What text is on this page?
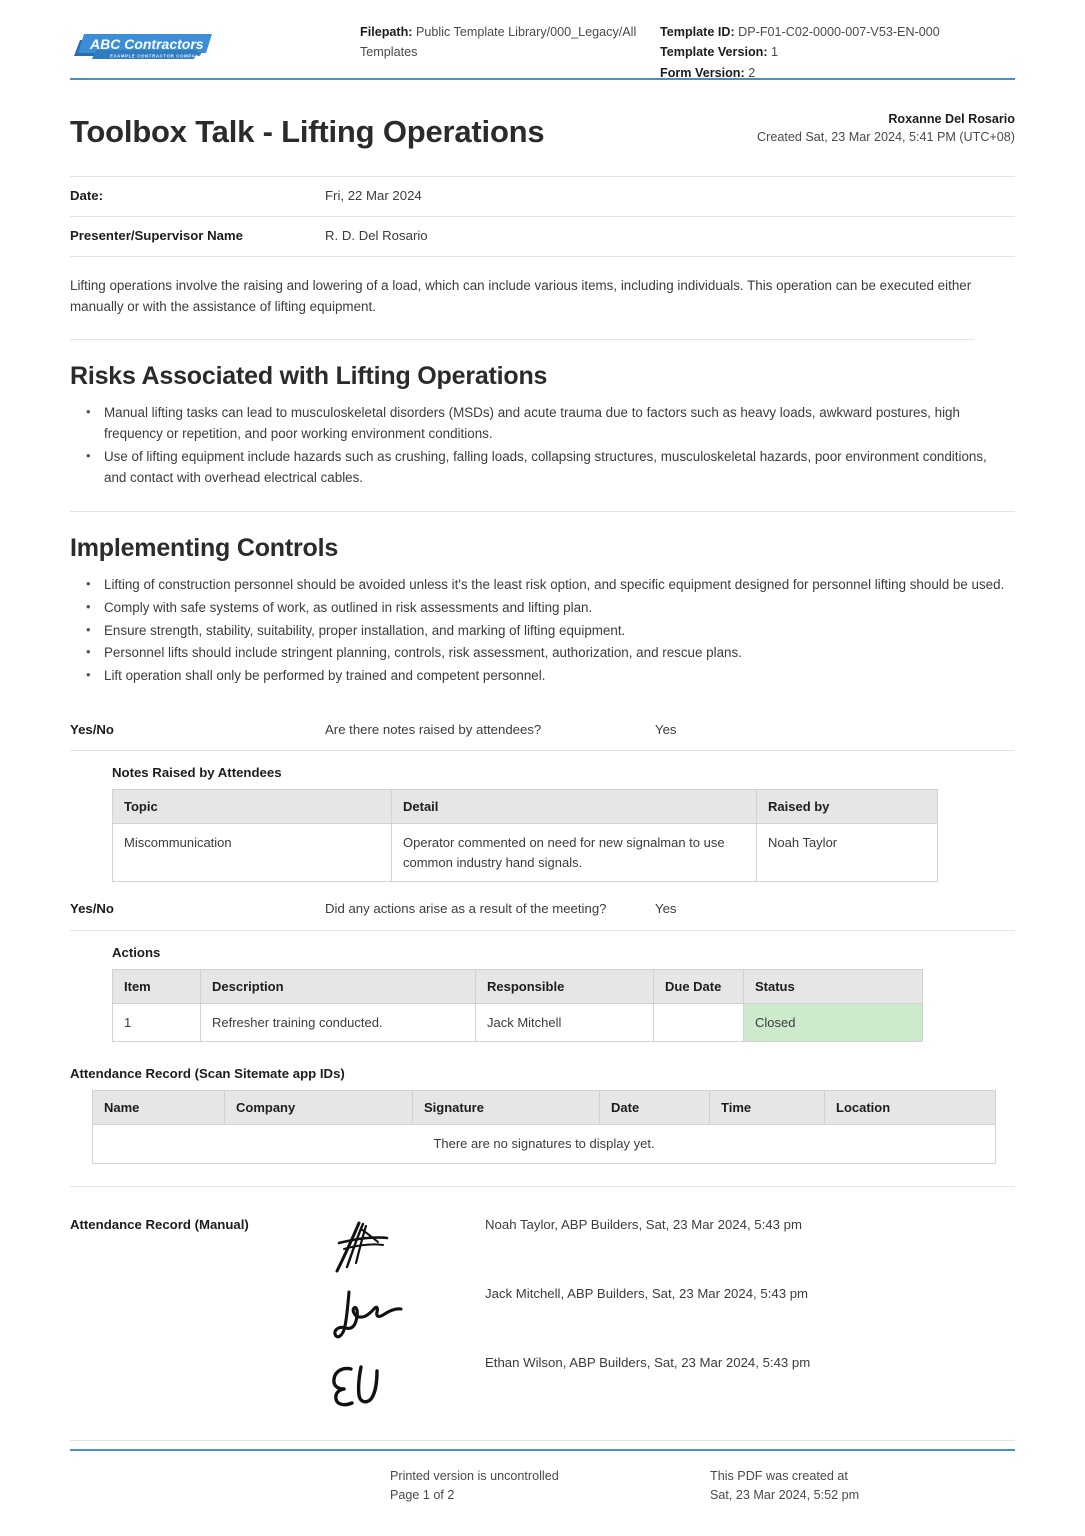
ABC Contractors
EXAMPLE CONTRACTOR COMPANY
Filepath: Public Template Library/000_Legacy/All Templates
Template ID: DP-F01-C02-0000-007-V53-EN-000
Template Version: 1
Form Version: 2
Toolbox Talk - Lifting Operations	Roxanne Del Rosario
Created Sat, 23 Mar 2024, 5:41 PM (UTC+08)
Date:	Fri, 22 Mar 2024
Presenter/Supervisor Name	R. D. Del Rosario
Lifting operations involve the raising and lowering of a load, which can include various items, including individuals. This operation can be executed either manually or with the assistance of lifting equipment.
Risks Associated with Lifting Operations
• Manual lifting tasks can lead to musculoskeletal disorders (MSDs) and acute trauma due to factors such as heavy loads, awkward postures, high frequency or repetition, and poor working environment conditions.
• Use of lifting equipment include hazards such as crushing, falling loads, collapsing structures, musculoskeletal hazards, poor environment conditions, and contact with overhead electrical cables.
Implementing Controls
• Lifting of construction personnel should be avoided unless it's the least risk option, and specific equipment designed for personnel lifting should be used.
• Comply with safe systems of work, as outlined in risk assessments and lifting plan.
• Ensure strength, stability, suitability, proper installation, and marking of lifting equipment.
• Personnel lifts should include stringent planning, controls, risk assessment, authorization, and rescue plans.
• Lift operation shall only be performed by trained and competent personnel.
Yes/No	Are there notes raised by attendees?	Yes
Notes Raised by Attendees
Topic	Detail	Raised by
Miscommunication	Operator commented on need for new signalman to use common industry hand signals.	Noah Taylor
Yes/No	Did any actions arise as a result of the meeting?	Yes
Actions
Item	Description	Responsible	Due Date	Status
1	Refresher training conducted.	Jack Mitchell		Closed
Attendance Record (Scan Sitemate app IDs)
Name	Company	Signature	Date	Time	Location
There are no signatures to display yet.
Attendance Record (Manual)	Noah Taylor, ABP Builders, Sat, 23 Mar 2024, 5:43 pm
Jack Mitchell, ABP Builders, Sat, 23 Mar 2024, 5:43 pm
Ethan Wilson, ABP Builders, Sat, 23 Mar 2024, 5:43 pm
Printed version is uncontrolled
Page 1 of 2
This PDF was created at
Sat, 23 Mar 2024, 5:52 pm
